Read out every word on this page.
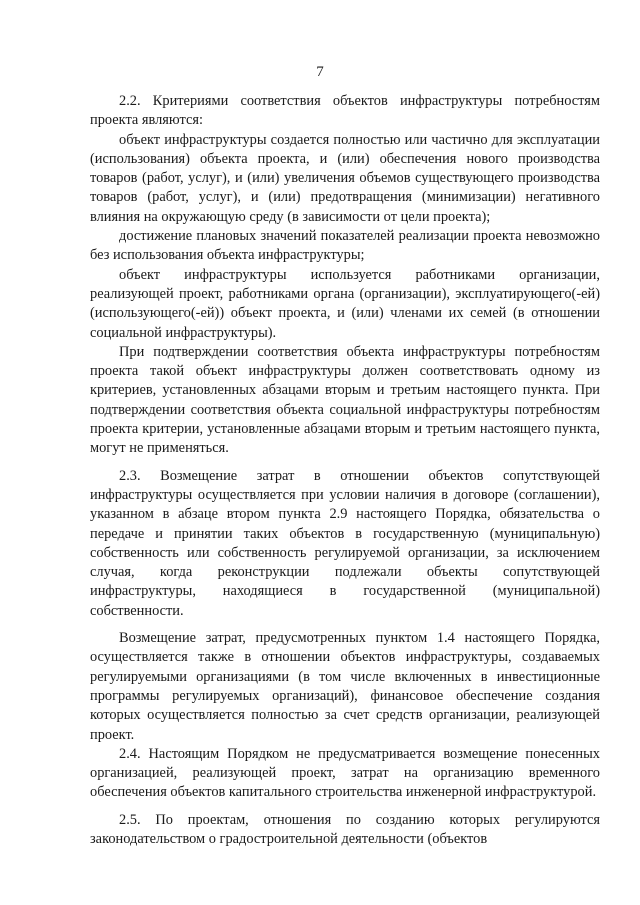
7

2.2. Критериями соответствия объектов инфраструктуры потребностям проекта являются:

объект инфраструктуры создается полностью или частично для эксплуатации (использования) объекта проекта, и (или) обеспечения нового производства товаров (работ, услуг), и (или) увеличения объемов существующего производства товаров (работ, услуг), и (или) предотвращения (минимизации) негативного влияния на окружающую среду (в зависимости от цели проекта);

достижение плановых значений показателей реализации проекта невозможно без использования объекта инфраструктуры;

объект инфраструктуры используется работниками организации, реализующей проект, работниками органа (организации), эксплуатирующего(-ей) (использующего(-ей)) объект проекта, и (или) членами их семей (в отношении социальной инфраструктуры).

При подтверждении соответствия объекта инфраструктуры потребностям проекта такой объект инфраструктуры должен соответствовать одному из критериев, установленных абзацами вторым и третьим настоящего пункта. При подтверждении соответствия объекта социальной инфраструктуры потребностям проекта критерии, установленные абзацами вторым и третьим настоящего пункта, могут не применяться.

2.3. Возмещение затрат в отношении объектов сопутствующей инфраструктуры осуществляется при условии наличия в договоре (соглашении), указанном в абзаце втором пункта 2.9 настоящего Порядка, обязательства о передаче и принятии таких объектов в государственную (муниципальную) собственность или собственность регулируемой организации, за исключением случая, когда реконструкции подлежали объекты сопутствующей инфраструктуры, находящиеся в государственной (муниципальной) собственности.

Возмещение затрат, предусмотренных пунктом 1.4 настоящего Порядка, осуществляется также в отношении объектов инфраструктуры, создаваемых регулируемыми организациями (в том числе включенных в инвестиционные программы регулируемых организаций), финансовое обеспечение создания которых осуществляется полностью за счет средств организации, реализующей проект.

2.4. Настоящим Порядком не предусматривается возмещение понесенных организацией, реализующей проект, затрат на организацию временного обеспечения объектов капитального строительства инженерной инфраструктурой.

2.5. По проектам, отношения по созданию которых регулируются законодательством о градостроительной деятельности (объектов
